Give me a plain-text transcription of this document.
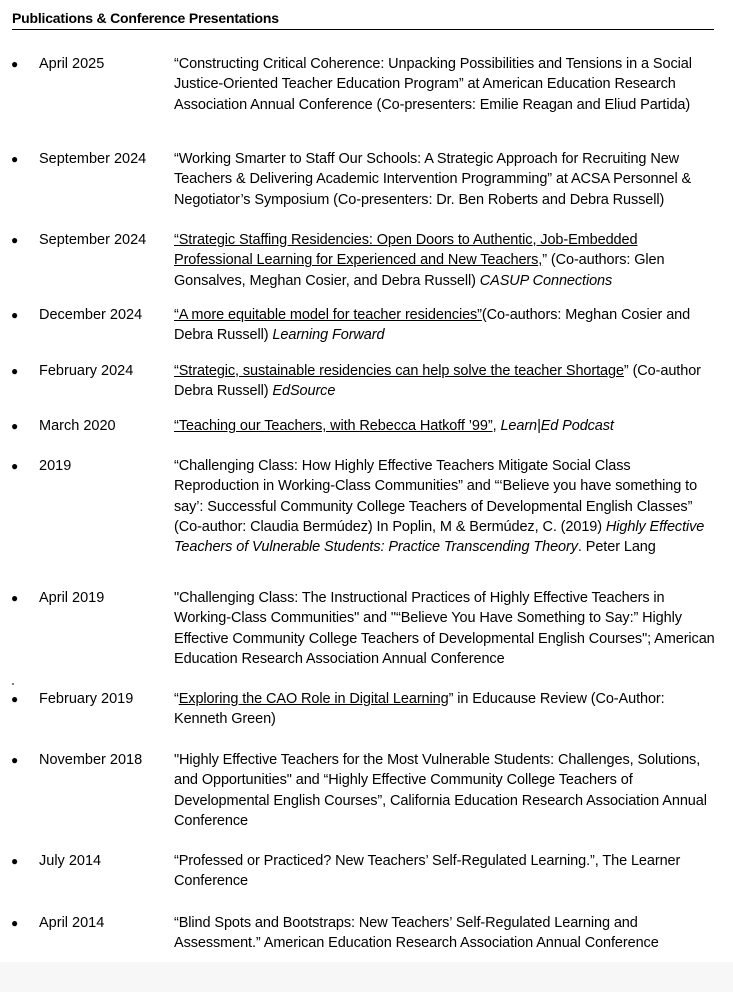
Publications & Conference Presentations
● April 2025	“Constructing Critical Coherence: Unpacking Possibilities and Tensions in a Social Justice-Oriented Teacher Education Program” at American Education Research Association Annual Conference (Co-presenters: Emilie Reagan and Eliud Partida)
● September 2024 “Working Smarter to Staff Our Schools: A Strategic Approach for Recruiting New Teachers & Delivering Academic Intervention Programming” at ACSA Personnel & Negotiator’s Symposium (Co-presenters: Dr. Ben Roberts and Debra Russell)
● September 2024 “Strategic Staffing Residencies: Open Doors to Authentic, Job-Embedded Professional Learning for Experienced and New Teachers,” (Co-authors: Glen Gonsalves, Meghan Cosier, and Debra Russell) CASUP Connections
● December 2024 “A more equitable model for teacher residencies”(Co-authors: Meghan Cosier and Debra Russell) Learning Forward
● February 2024	“Strategic, sustainable residencies can help solve the teacher Shortage” (Co-author Debra Russell) EdSource
● March 2020	“Teaching our Teachers, with Rebecca Hatkoff ’99”, Learn|Ed Podcast
● 2019	“Challenging Class: How Highly Effective Teachers Mitigate Social Class Reproduction in Working-Class Communities” and “‘Believe you have something to say’: Successful Community College Teachers of Developmental English Classes” (Co-author: Claudia Bermúdez) In Poplin, M & Bermúdez, C. (2019) Highly Effective Teachers of Vulnerable Students: Practice Transcending Theory. Peter Lang
● April 2019	"Challenging Class: The Instructional Practices of Highly Effective Teachers in Working-Class Communities" and "“Believe You Have Something to Say:” Highly Effective Community College Teachers of Developmental English Courses"; American Education Research Association Annual Conference
● February 2019	“Exploring the CAO Role in Digital Learning” in Educause Review (Co-Author: Kenneth Green)
● November 2018 "Highly Effective Teachers for the Most Vulnerable Students: Challenges, Solutions, and Opportunities" and “Highly Effective Community College Teachers of Developmental English Courses”, California Education Research Association Annual Conference
● July 2014	“Professed or Practiced? New Teachers’ Self-Regulated Learning.”, The Learner Conference
● April 2014	“Blind Spots and Bootstraps: New Teachers’ Self-Regulated Learning and Assessment.” American Education Research Association Annual Conference
